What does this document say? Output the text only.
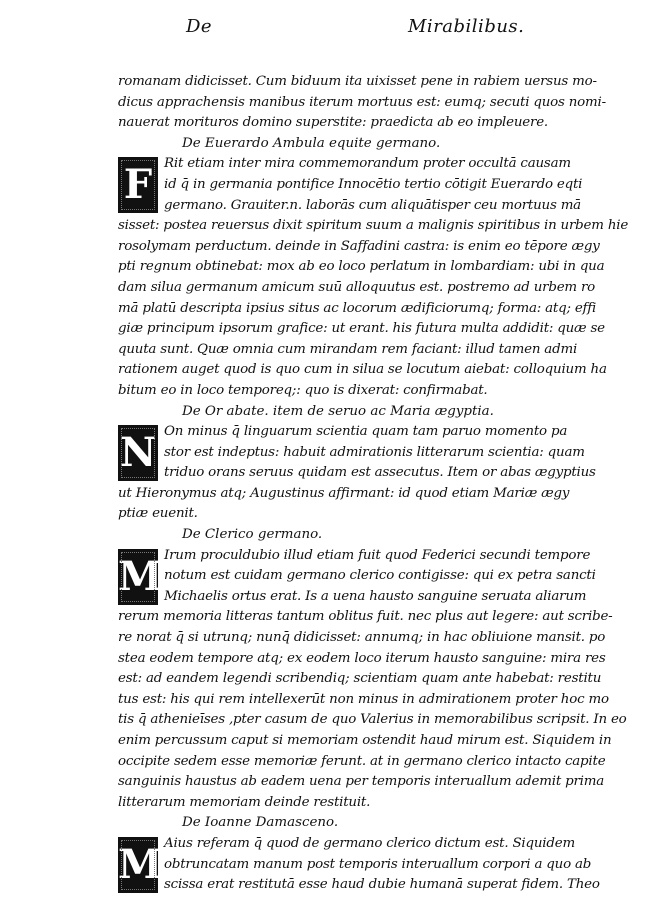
De	Mirabilibus.
romanam didicisset. Cum biduum ita uixisset pene in rabiem uersus mo-
dicus apprachensis manibus iterum mortuus est: eumq; secuti quos nomi-
nauerat morituros domino superstite: praedicta ab eo impleuere.
De Euerardo Ambula equite germano.
F Rit etiam inter mira commemorandum proter occultā causam
id q̄ in germania pontifice Innocētio tertio cōtigit Euerardo eqti
germano. Grauiter.n. laborās cum aliquātisper ceu mortuus mā
sisset: postea reuersus dixit spiritum suum a malignis spiritibus in urbem hie
rosolymam perductum. deinde in Saffadini castra: is enim eo tēpore ægy
pti regnum obtinebat: mox ab eo loco perlatum in lombardiam: ubi in qua
dam silua germanum amicum suū alloquutus est. postremo ad urbem ro
mā platū descripta ipsius situs ac locorum ædificiorumq; forma: atq; effi
giæ principum ipsorum grafice: ut erant. his futura multa addidit: quæ se
quuta sunt. Quæ omnia cum mirandam rem faciant: illud tamen admi
rationem auget quod is quo cum in silua se locutum aiebat: colloquium ha
bitum eo in loco temporeq;: quo is dixerat: confirmabat.
De Or abate. item de seruo ac Maria ægyptia.
N On minus q̄ linguarum scientia quam tam paruo momento pa
stor est indeptus: habuit admirationis litterarum scientia: quam
triduo orans seruus quidam est assecutus. Item or abas ægyptius
ut Hieronymus atq; Augustinus affirmant: id quod etiam Mariæ ægy
ptiæ euenit.
De Clerico germano.
M Irum proculdubio illud etiam fuit quod Federici secundi tempore
notum est cuidam germano clerico contigisse: qui ex petra sancti
Michaelis ortus erat. Is a uena hausto sanguine seruata aliarum
rerum memoria litteras tantum oblitus fuit. nec plus aut legere: aut scribe-
re norat q̄ si utrunq; nunq̄ didicisset: annumq; in hac obliuione mansit. po
stea eodem tempore atq; ex eodem loco iterum hausto sanguine: mira res
est: ad eandem legendi scribendiq; scientiam quam ante habebat: restitu
tus est: his qui rem intellexerūt non minus in admirationem proter hoc mo
tis q̄ athenieīses ,pter casum de quo Valerius in memorabilibus scripsit. In eo
enim percussum caput si memoriam ostendit haud mirum est. Siquidem in
occipite sedem esse memoriæ ferunt. at in germano clerico intacto capite
sanguinis haustus ab eadem uena per temporis interuallum ademit prima
litterarum memoriam deinde restituit.
De Ioanne Damasceno.
M Aius referam q̄ quod de germano clerico dictum est. Siquidem
obtruncatam manum post temporis interuallum corpori a quo ab
scissa erat restitutā esse haud dubie humanā superat fidem. Theo
